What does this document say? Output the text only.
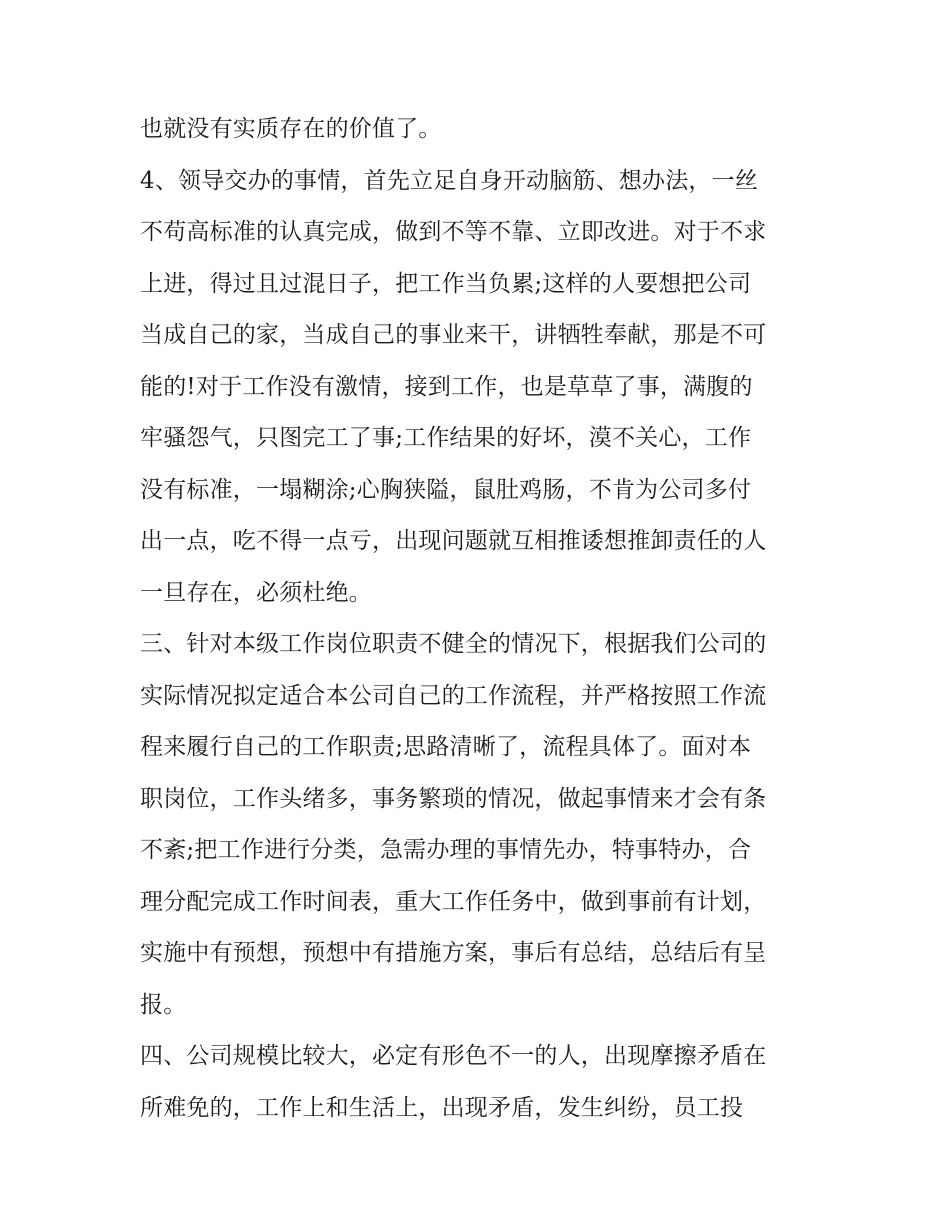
也就没有实质存在的价值了。
4、领导交办的事情，首先立足自身开动脑筋、想办法，一丝
不苟高标准的认真完成，做到不等不靠、立即改进。对于不求
上进，得过且过混日子，把工作当负累;这样的人要想把公司
当成自己的家，当成自己的事业来干，讲牺牲奉献，那是不可
能的!对于工作没有激情，接到工作，也是草草了事，满腹的
牢骚怨气，只图完工了事;工作结果的好坏，漠不关心，工作
没有标准，一塌糊涂;心胸狭隘，鼠肚鸡肠，不肯为公司多付
出一点，吃不得一点亏，出现问题就互相推诿想推卸责任的人
一旦存在，必须杜绝。
三、针对本级工作岗位职责不健全的情况下，根据我们公司的
实际情况拟定适合本公司自己的工作流程，并严格按照工作流
程来履行自己的工作职责;思路清晰了，流程具体了。面对本
职岗位，工作头绪多，事务繁琐的情况，做起事情来才会有条
不紊;把工作进行分类，急需办理的事情先办，特事特办，合
理分配完成工作时间表，重大工作任务中，做到事前有计划，
实施中有预想，预想中有措施方案，事后有总结，总结后有呈
报。
四、公司规模比较大，必定有形色不一的人，出现摩擦矛盾在
所难免的，工作上和生活上，出现矛盾，发生纠纷，员工投
